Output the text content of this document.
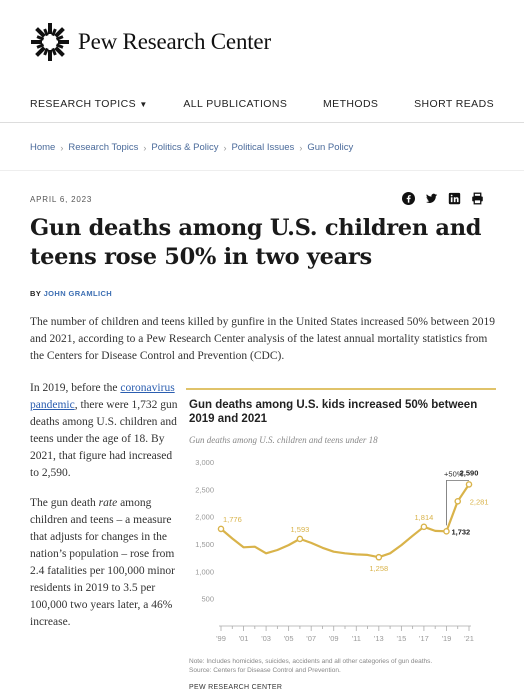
Pew Research Center
RESEARCH TOPICS ▼	ALL PUBLICATIONS	METHODS	SHORT READS
Home › Research Topics › Politics & Policy › Political Issues › Gun Policy
APRIL 6, 2023
Gun deaths among U.S. children and teens rose 50% in two years
BY JOHN GRAMLICH

The number of children and teens killed by gunfire in the United States increased 50% between 2019 and 2021, according to a Pew Research Center analysis of the latest annual mortality statistics from the Centers for Disease Control and Prevention (CDC).

In 2019, before the coronavirus pandemic, there were 1,732 gun deaths among U.S. children and teens under the age of 18. By 2021, that figure had increased to 2,590.

The gun death rate among children and teens – a measure that adjusts for changes in the nation’s population – rose from 2.4 fatalities per 100,000 minor residents in 2019 to 3.5 per 100,000 two years later, a 46% increase.

Gun deaths among U.S. kids increased 50% between 2019 and 2021
Gun deaths among U.S. children and teens under 18
3,000
2,500
2,000
1,500
1,000
500
'99 '01 '03 '05 '07 '09 '11 '13 '15 '17 '19 '21
+50%
1,776
1,593
1,258
1,814
1,732
2,281
2,590
Note: Includes homicides, suicides, accidents and all other categories of gun deaths.
Source: Centers for Disease Control and Prevention.
PEW RESEARCH CENTER
